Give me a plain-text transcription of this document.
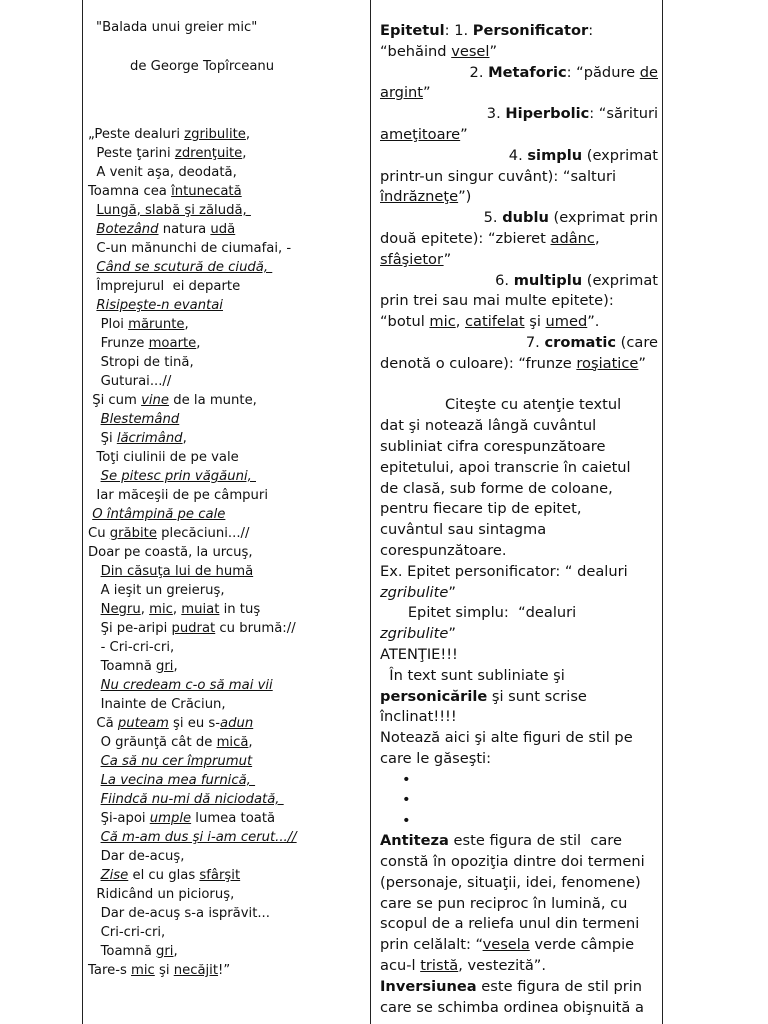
"Balada unui greier mic"

de George Topîrceanu

„Peste dealuri zgribulite,
Peste ţarini zdrenţuite,
A venit aşa, deodată,
Toamna cea întunecată
Lungă, slabă şi zăludă,
Botezând natura udă
C-un mănunchi de ciumafai, -
Când se scutură de ciudă,
Împrejurul  ei departe
Risipeşte-n evantai
Ploi mărunte,
Frunze moarte,
Stropi de tină,
Guturai...//
Şi cum vine de la munte,
Blestemând
Şi lăcrimând,
Toţi ciulinii de pe vale
Se pitesc prin văgăuni,
Iar măceşii de pe câmpuri
O întâmpină pe cale
Cu grăbite plecăciuni...//
Doar pe coastă, la urcuş,
Din căsuţa lui de humă
A ieşit un greieruş,
Negru, mic, muiat in tuş
Şi pe-aripi pudrat cu brumă://
- Cri-cri-cri,
Toamnă gri,
Nu credeam c-o să mai vii
Inainte de Crăciun,
Că puteam şi eu s-adun
O grăunţă cât de mică,
Ca să nu cer împrumut
La vecina mea furnică,
Fiindcă nu-mi dă niciodată,
Şi-apoi umple lumea toată
Că m-am dus şi i-am cerut...//
Dar de-acuş,
Zise el cu glas sfârşit
Ridicând un picioruş,
Dar de-acuş s-a isprăvit...
Cri-cri-cri,
Toamnă gri,
Tare-s mic şi necăjit!”
Epitetul: 1. Personificator:
“behăind vesel”
2. Metaforic: “pădure de
argint”
3. Hiperbolic: “sărituri
ameţitoare”
4. simplu (exprimat
printr-un singur cuvânt): “salturi
îndrăzneţe”)
5. dublu (exprimat prin
două epitete): “zbieret adânc,
sfâşietor”
6. multiplu (exprimat
prin trei sau mai multe epitete):
“botul mic, catifelat şi umed”.
7. cromatic (care
denotă o culoare): “frunze roşiatice”

Citeşte cu atenţie textul
dat şi notează lângă cuvântul
subliniat cifra corespunzătoare
epitetului, apoi transcrie în caietul
de clasă, sub forme de coloane,
pentru fiecare tip de epitet,
cuvântul sau sintagma
corespunzătoare.
Ex. Epitet personificator: “ dealuri
zgribulite”
Epitet simplu:  “dealuri
zgribulite”
ATENŢIE!!!
În text sunt subliniate şi
personicările şi sunt scrise
înclinat!!!!
Notează aici şi alte figuri de stil pe
care le găseşti:
•
•
•
Antiteza este figura de stil  care
constă în opoziţia dintre doi termeni
(personaje, situaţii, idei, fenomene)
care se pun reciproc în lumină, cu
scopul de a reliefa unul din termeni
prin celălalt: “vesela verde câmpie
acu-l tristă, vestezită”.
Inversiunea este figura de stil prin
care se schimba ordinea obişnuită a
